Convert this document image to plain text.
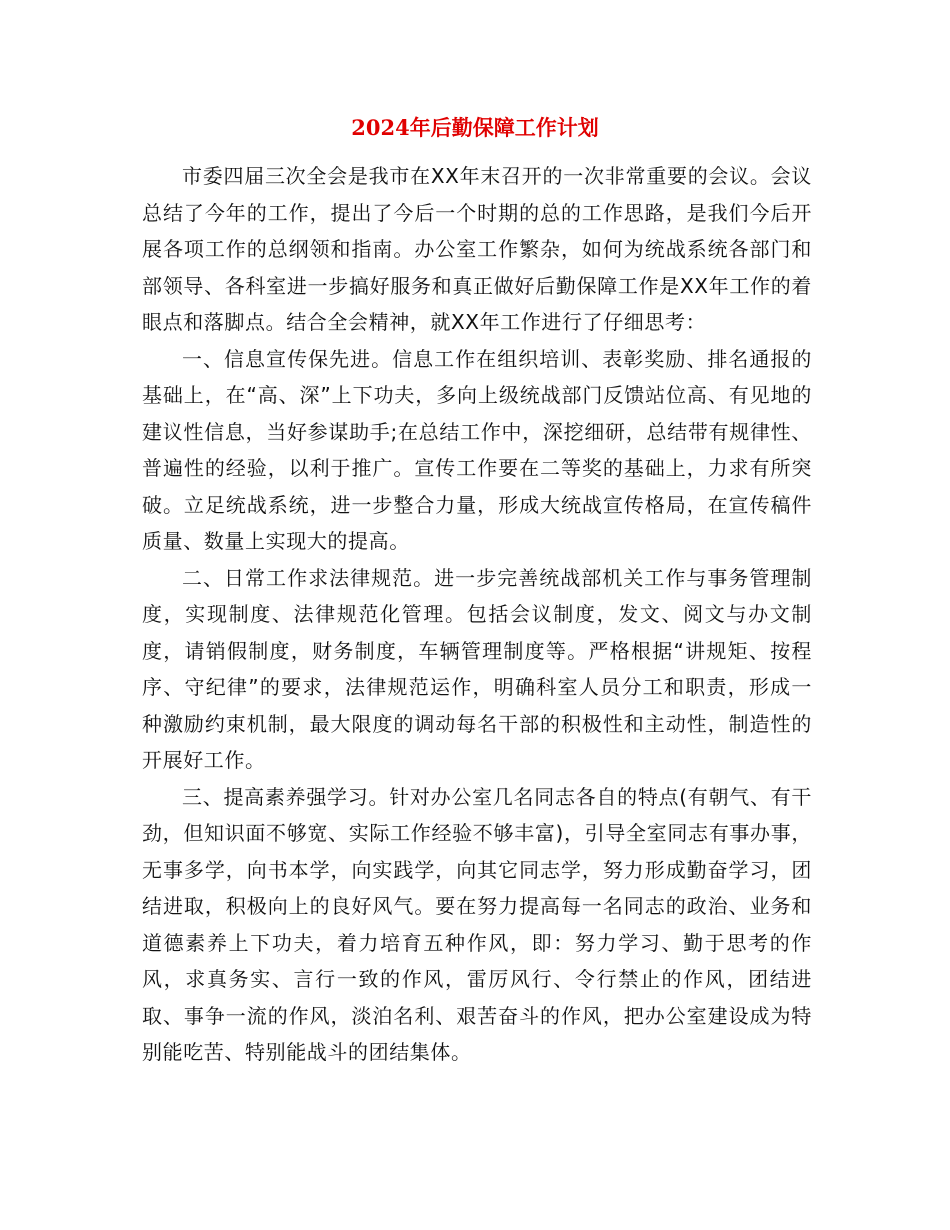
2024年后勤保障工作计划

市委四届三次全会是我市在XX年末召开的一次非常重要的会议。会议总结了今年的工作，提出了今后一个时期的总的工作思路，是我们今后开展各项工作的总纲领和指南。办公室工作繁杂，如何为统战系统各部门和部领导、各科室进一步搞好服务和真正做好后勤保障工作是XX年工作的着眼点和落脚点。结合全会精神，就XX年工作进行了仔细思考：

一、信息宣传保先进。信息工作在组织培训、表彰奖励、排名通报的基础上，在“高、深”上下功夫，多向上级统战部门反馈站位高、有见地的建议性信息，当好参谋助手;在总结工作中，深挖细研，总结带有规律性、普遍性的经验，以利于推广。宣传工作要在二等奖的基础上，力求有所突破。立足统战系统，进一步整合力量，形成大统战宣传格局，在宣传稿件质量、数量上实现大的提高。

二、日常工作求法律规范。进一步完善统战部机关工作与事务管理制度，实现制度、法律规范化管理。包括会议制度，发文、阅文与办文制度，请销假制度，财务制度，车辆管理制度等。严格根据“讲规矩、按程序、守纪律”的要求，法律规范运作，明确科室人员分工和职责，形成一种激励约束机制，最大限度的调动每名干部的积极性和主动性，制造性的开展好工作。

三、提高素养强学习。针对办公室几名同志各自的特点(有朝气、有干劲，但知识面不够宽、实际工作经验不够丰富)，引导全室同志有事办事，无事多学，向书本学，向实践学，向其它同志学，努力形成勤奋学习，团结进取，积极向上的良好风气。要在努力提高每一名同志的政治、业务和道德素养上下功夫，着力培育五种作风，即：努力学习、勤于思考的作风，求真务实、言行一致的作风，雷厉风行、令行禁止的作风，团结进取、事争一流的作风，淡泊名利、艰苦奋斗的作风，把办公室建设成为特别能吃苦、特别能战斗的团结集体。
